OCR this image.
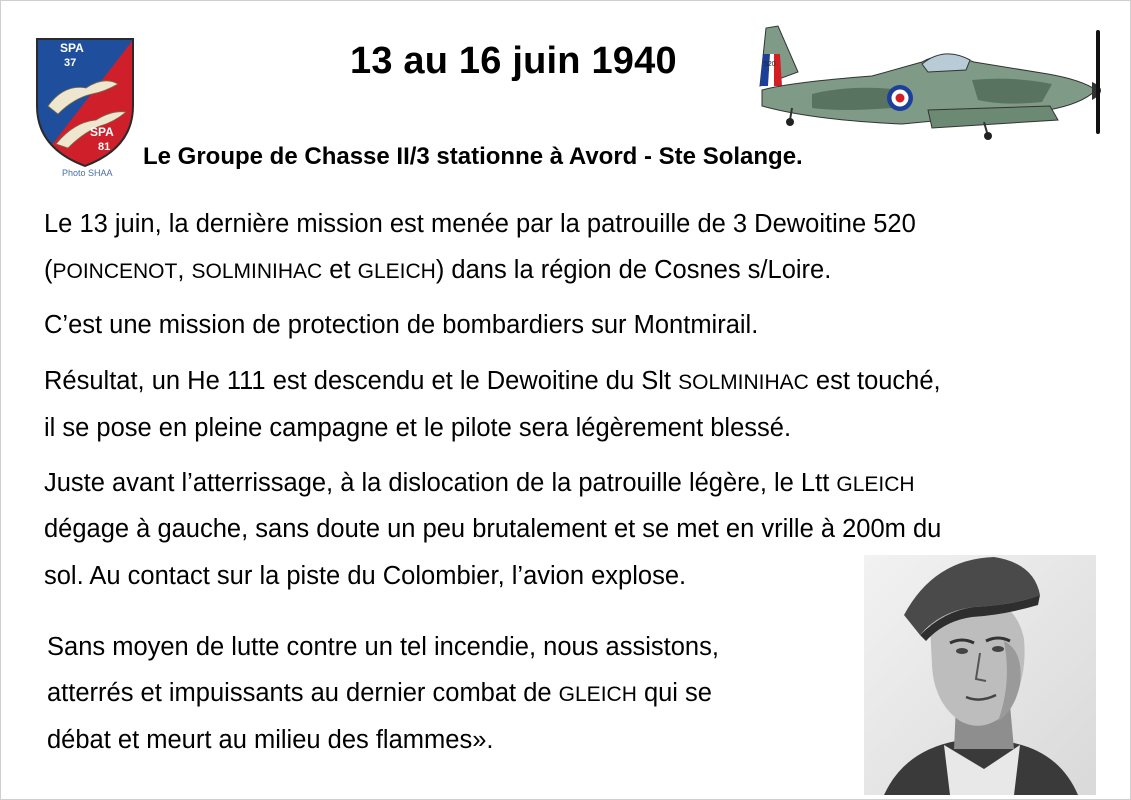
SPA
37
SPA
81
Photo SHAA
13 au 16 juin 1940	520
Le Groupe de Chasse II/3 stationne à Avord - Ste Solange.

Le 13 juin, la dernière mission est menée par la patrouille de 3 Dewoitine 520

(POINCENOT, SOLMINIHAC et GLEICH) dans la région de Cosnes s/Loire.

C’est une mission de protection de bombardiers sur Montmirail.

Résultat, un He 111 est descendu et le Dewoitine du Slt SOLMINIHAC est touché,

il se pose en pleine campagne et le pilote sera légèrement blessé.

Juste avant l’atterrissage, à la dislocation de la patrouille légère, le Ltt GLEICH

dégage à gauche, sans doute un peu brutalement et se met en vrille à 200m du

sol. Au contact sur la piste du Colombier, l’avion explose.

Sans moyen de lutte contre un tel incendie, nous assistons,

atterrés et impuissants au dernier combat de GLEICH qui se

débat et meurt au milieu des flammes».
